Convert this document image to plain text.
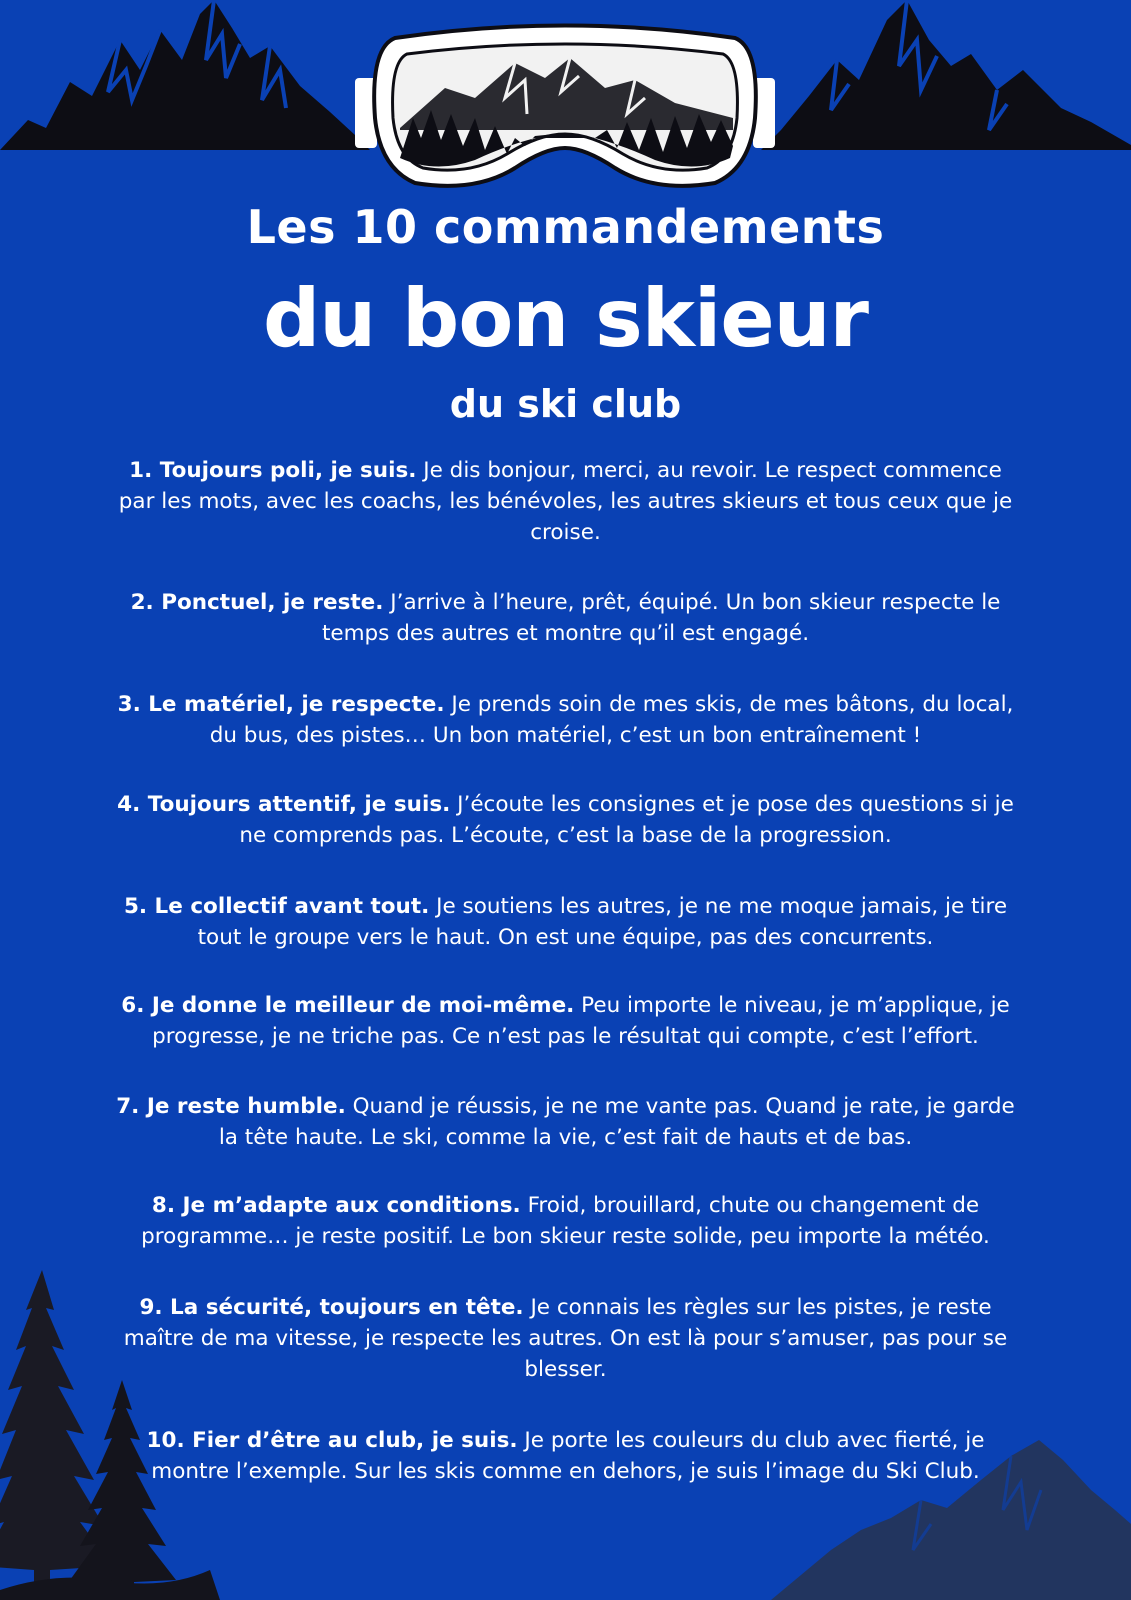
Les 10 commandements
du bon skieur
du ski club

1. Toujours poli, je suis. Je dis bonjour, merci, au revoir. Le respect commence par les mots, avec les coachs, les bénévoles, les autres skieurs et tous ceux que je croise.

2. Ponctuel, je reste. J’arrive à l’heure, prêt, équipé. Un bon skieur respecte le temps des autres et montre qu’il est engagé.

3. Le matériel, je respecte. Je prends soin de mes skis, de mes bâtons, du local, du bus, des pistes… Un bon matériel, c’est un bon entraînement !

4. Toujours attentif, je suis. J’écoute les consignes et je pose des questions si je ne comprends pas. L’écoute, c’est la base de la progression.

5. Le collectif avant tout. Je soutiens les autres, je ne me moque jamais, je tire tout le groupe vers le haut. On est une équipe, pas des concurrents.

6. Je donne le meilleur de moi-même. Peu importe le niveau, je m’applique, je progresse, je ne triche pas. Ce n’est pas le résultat qui compte, c’est l’effort.

7. Je reste humble. Quand je réussis, je ne me vante pas. Quand je rate, je garde la tête haute. Le ski, comme la vie, c’est fait de hauts et de bas.

8. Je m’adapte aux conditions. Froid, brouillard, chute ou changement de programme… je reste positif. Le bon skieur reste solide, peu importe la météo.

9. La sécurité, toujours en tête. Je connais les règles sur les pistes, je reste maître de ma vitesse, je respecte les autres. On est là pour s’amuser, pas pour se blesser.

10. Fier d’être au club, je suis. Je porte les couleurs du club avec fierté, je montre l’exemple. Sur les skis comme en dehors, je suis l’image du Ski Club.
